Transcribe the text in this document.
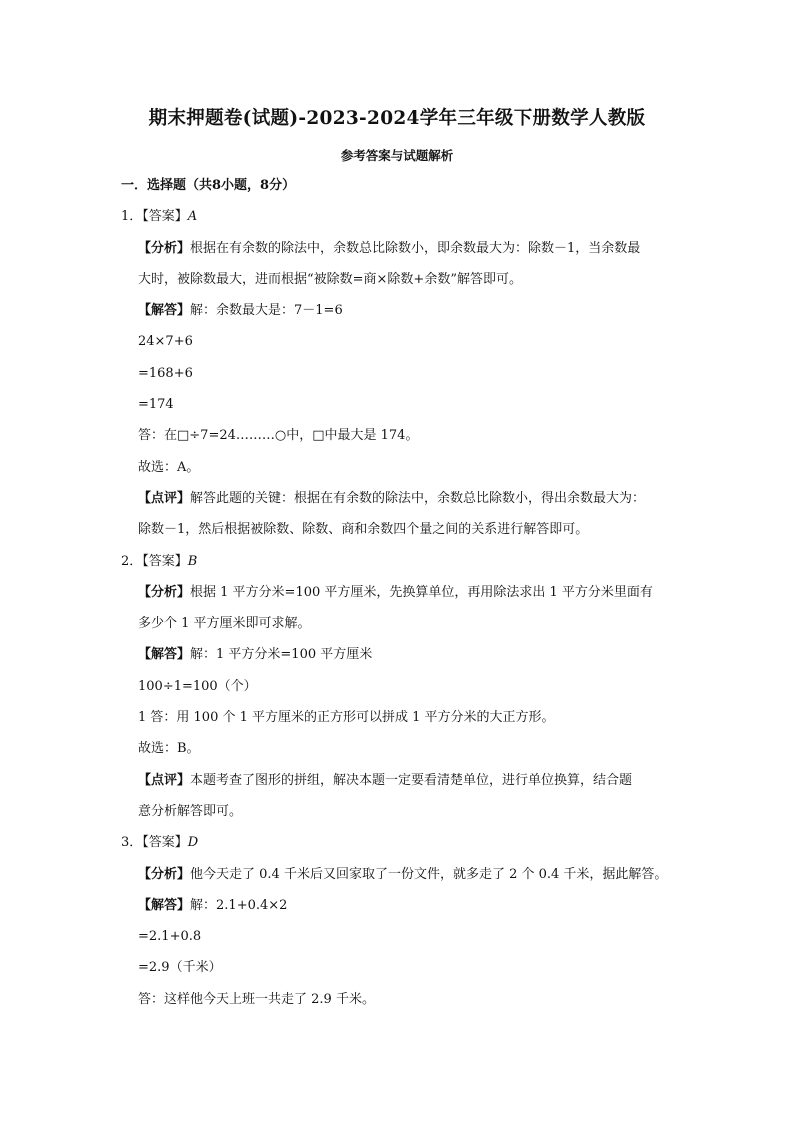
期末押题卷(试题)-2023-2024学年三年级下册数学人教版
参考答案与试题解析
一．选择题（共8小题，8分）
1．【答案】A
【分析】根据在有余数的除法中，余数总比除数小，即余数最大为：除数－1，当余数最
大时，被除数最大，进而根据“被除数=商×除数+余数”解答即可。
【解答】解：余数最大是：7－1=6
24×7+6
=168+6
=174
答：在□÷7=24………○中，□中最大是 174。
故选：A。
【点评】解答此题的关键：根据在有余数的除法中，余数总比除数小，得出余数最大为：
除数－1，然后根据被除数、除数、商和余数四个量之间的关系进行解答即可。
2．【答案】B
【分析】根据 1 平方分米=100 平方厘米，先换算单位，再用除法求出 1 平方分米里面有
多少个 1 平方厘米即可求解。
【解答】解：1 平方分米=100 平方厘米
100÷1=100（个）
1 答：用 100 个 1 平方厘米的正方形可以拼成 1 平方分米的大正方形。
故选：B。
【点评】本题考查了图形的拼组，解决本题一定要看清楚单位，进行单位换算，结合题
意分析解答即可。
3．【答案】D
【分析】他今天走了 0.4 千米后又回家取了一份文件，就多走了 2 个 0.4 千米，据此解答。
【解答】解：2.1+0.4×2
=2.1+0.8
=2.9（千米）
答：这样他今天上班一共走了 2.9 千米。
